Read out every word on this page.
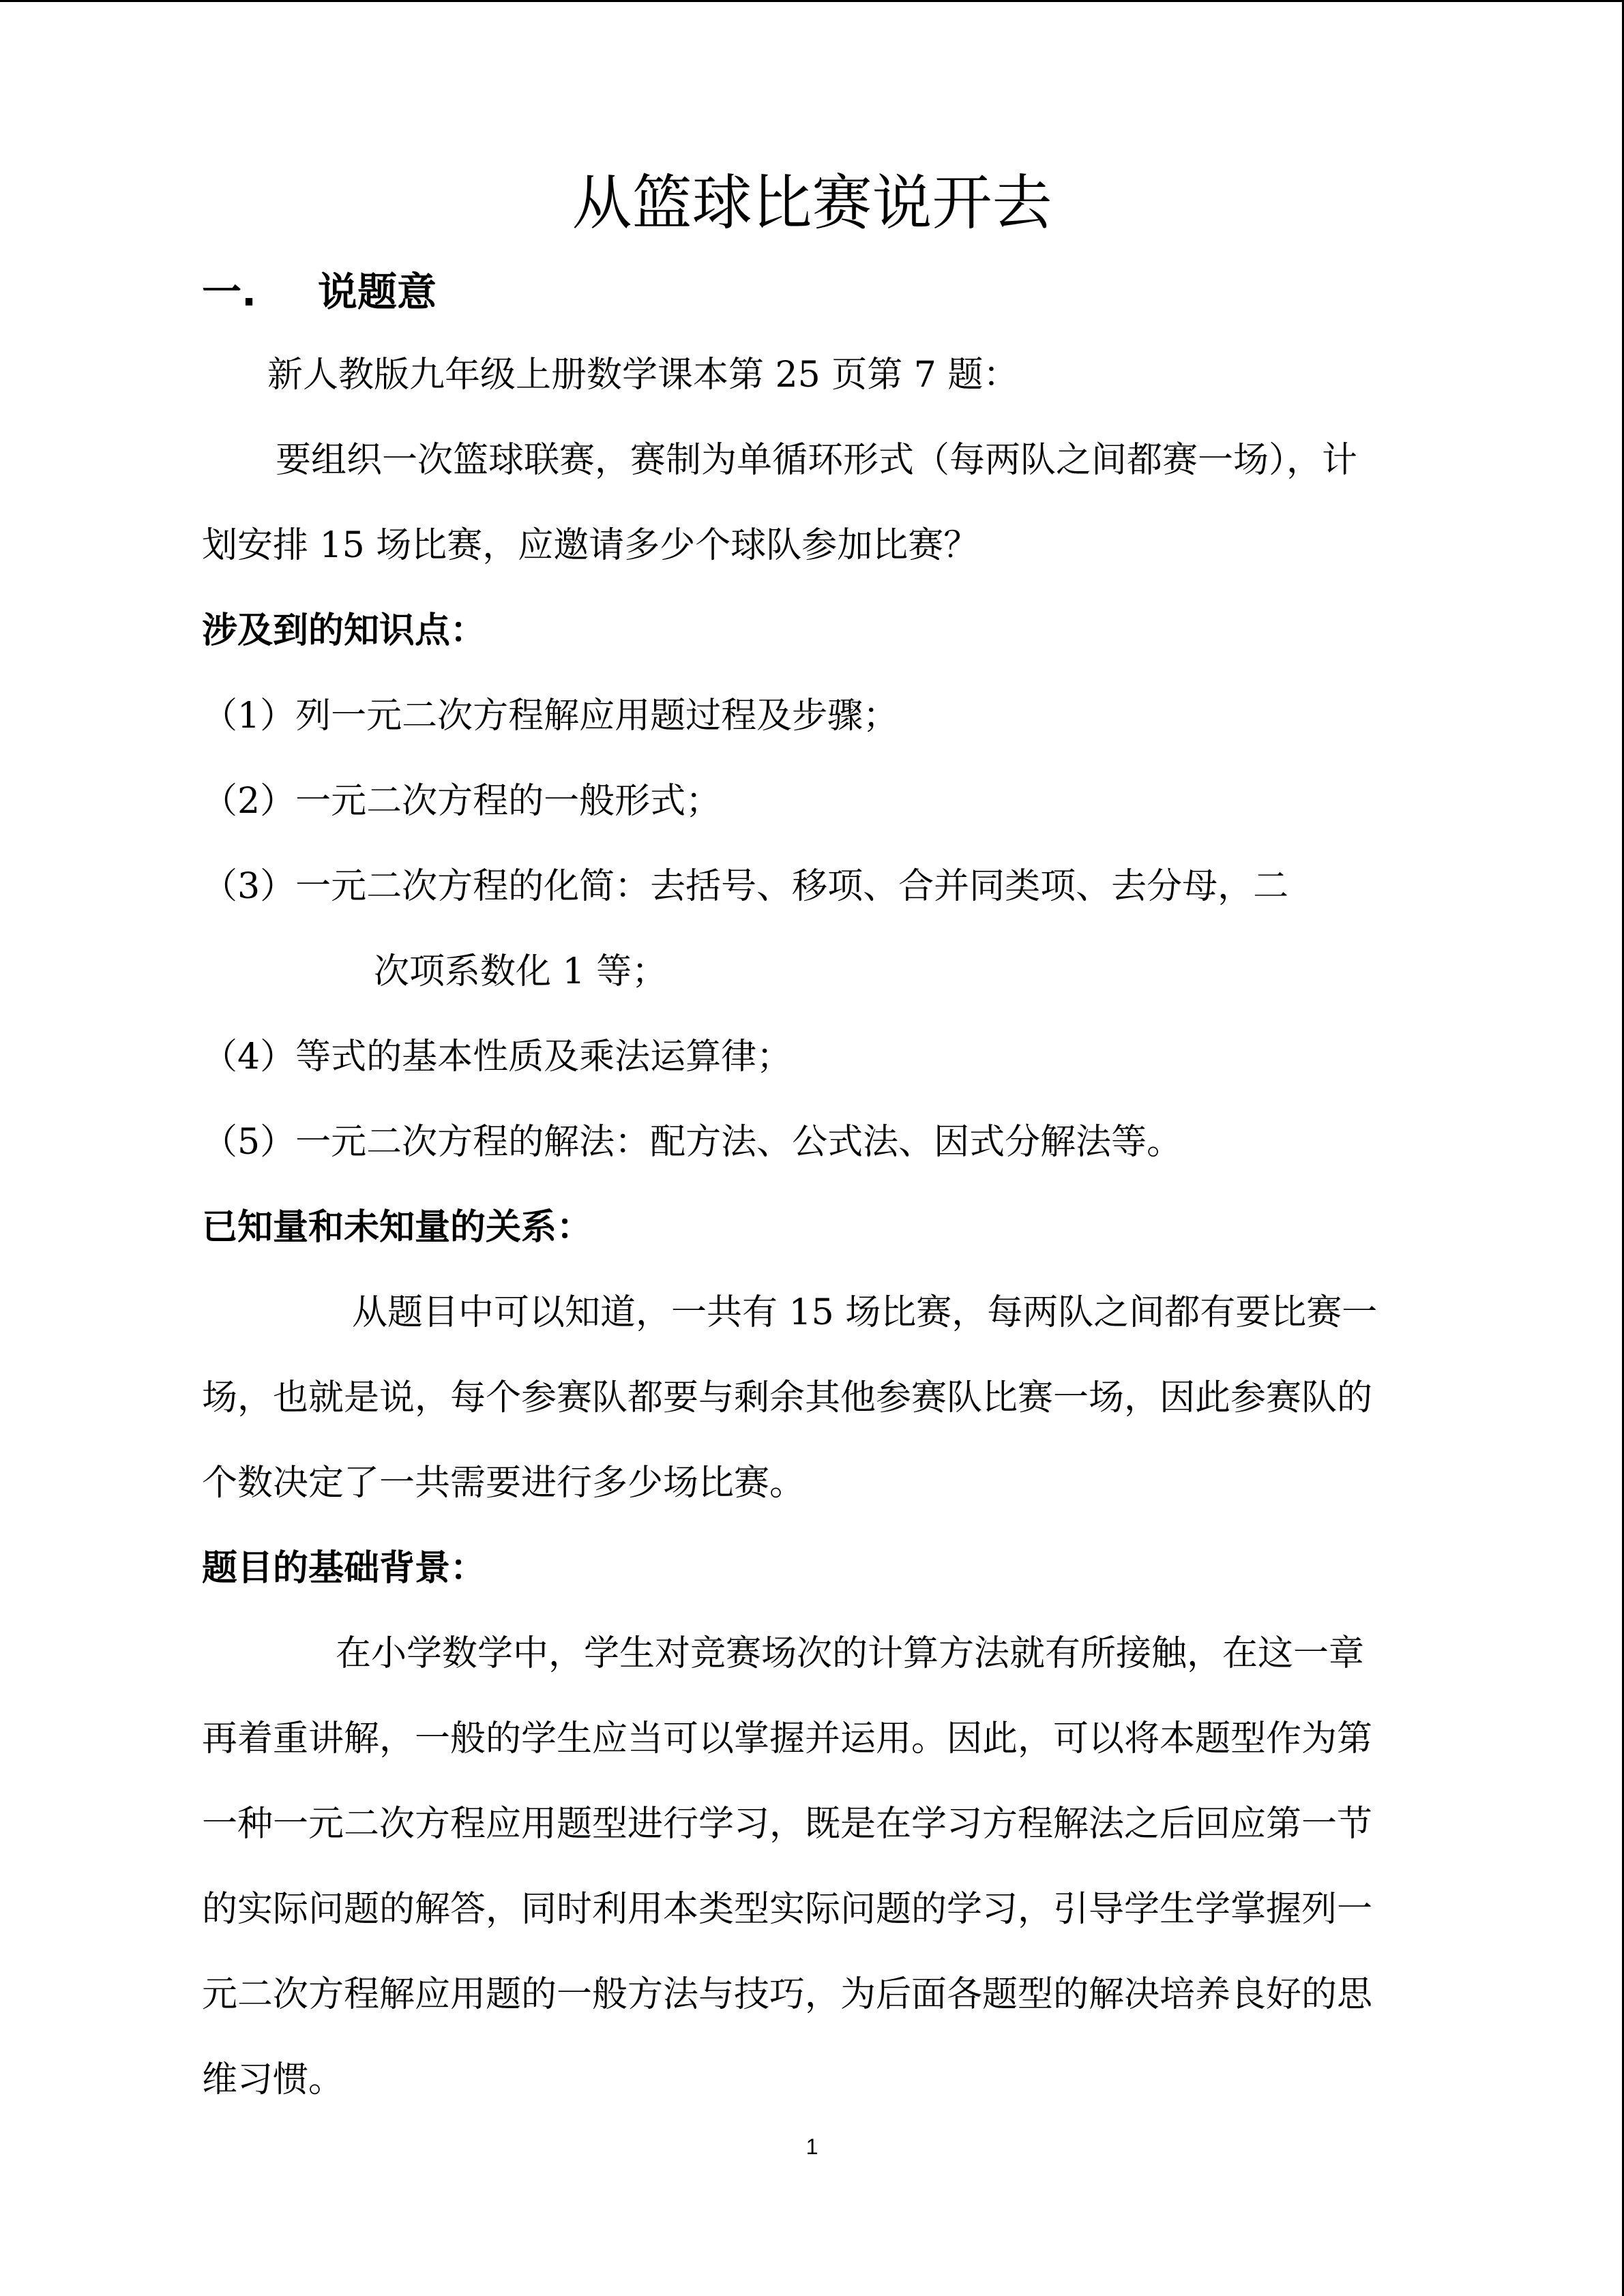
从篮球比赛说开去
一. 说题意
新人教版九年级上册数学课本第 25 页第 7 题：
要组织一次篮球联赛，赛制为单循环形式（每两队之间都赛一场），计
划安排 15 场比赛，应邀请多少个球队参加比赛？
涉及到的知识点：
（1）列一元二次方程解应用题过程及步骤；
（2）一元二次方程的一般形式；
（3）一元二次方程的化简：去括号、移项、合并同类项、去分母，二
次项系数化 1 等；
（4）等式的基本性质及乘法运算律；
（5）一元二次方程的解法：配方法、公式法、因式分解法等。
已知量和未知量的关系：
从题目中可以知道，一共有 15 场比赛，每两队之间都有要比赛一
场，也就是说，每个参赛队都要与剩余其他参赛队比赛一场，因此参赛队的
个数决定了一共需要进行多少场比赛。
题目的基础背景：
在小学数学中，学生对竞赛场次的计算方法就有所接触，在这一章
再着重讲解，一般的学生应当可以掌握并运用。因此，可以将本题型作为第
一种一元二次方程应用题型进行学习，既是在学习方程解法之后回应第一节
的实际问题的解答，同时利用本类型实际问题的学习，引导学生学掌握列一
元二次方程解应用题的一般方法与技巧，为后面各题型的解决培养良好的思
维习惯。
1
